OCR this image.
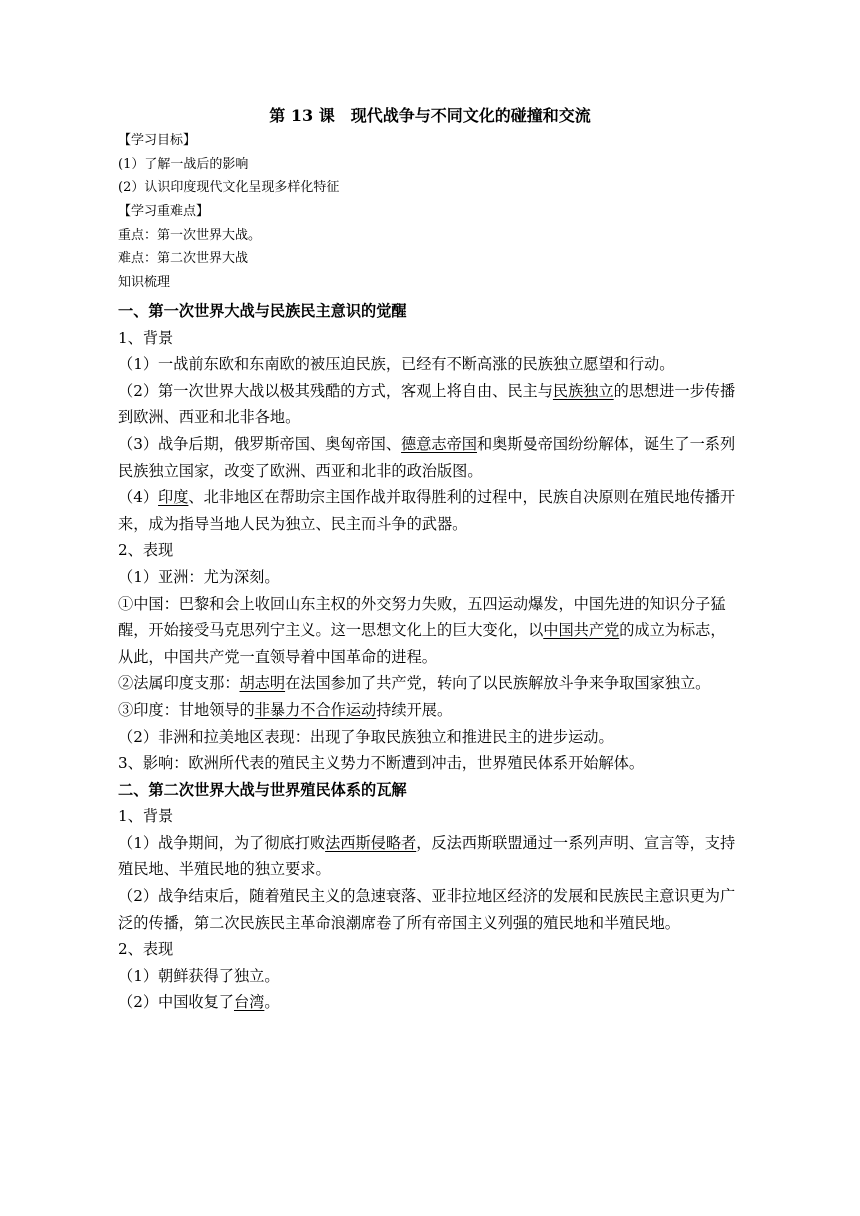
第 13 课　现代战争与不同文化的碰撞和交流
【学习目标】
(1）了解一战后的影响
(2）认识印度现代文化呈现多样化特征
【学习重难点】
重点：第一次世界大战。
难点：第二次世界大战
知识梳理

一、第一次世界大战与民族民主意识的觉醒

1、背景

（1）一战前东欧和东南欧的被压迫民族，已经有不断高涨的民族独立愿望和行动。

（2）第一次世界大战以极其残酷的方式，客观上将自由、民主与民族独立的思想进一步传播到欧洲、西亚和北非各地。

（3）战争后期，俄罗斯帝国、奥匈帝国、德意志帝国和奥斯曼帝国纷纷解体，诞生了一系列民族独立国家，改变了欧洲、西亚和北非的政治版图。

（4）印度、北非地区在帮助宗主国作战并取得胜利的过程中，民族自决原则在殖民地传播开来，成为指导当地人民为独立、民主而斗争的武器。

2、表现

（1）亚洲：尤为深刻。

①中国：巴黎和会上收回山东主权的外交努力失败，五四运动爆发，中国先进的知识分子猛醒，开始接受马克思列宁主义。这一思想文化上的巨大变化，以中国共产党的成立为标志，从此，中国共产党一直领导着中国革命的进程。

②法属印度支那：胡志明在法国参加了共产党，转向了以民族解放斗争来争取国家独立。

③印度：甘地领导的非暴力不合作运动持续开展。

（2）非洲和拉美地区表现：出现了争取民族独立和推进民主的进步运动。

3、影响：欧洲所代表的殖民主义势力不断遭到冲击，世界殖民体系开始解体。

二、第二次世界大战与世界殖民体系的瓦解

1、背景

（1）战争期间，为了彻底打败法西斯侵略者，反法西斯联盟通过一系列声明、宣言等，支持殖民地、半殖民地的独立要求。

（2）战争结束后，随着殖民主义的急速衰落、亚非拉地区经济的发展和民族民主意识更为广泛的传播，第二次民族民主革命浪潮席卷了所有帝国主义列强的殖民地和半殖民地。

2、表现

（1）朝鲜获得了独立。

（2）中国收复了台湾。
